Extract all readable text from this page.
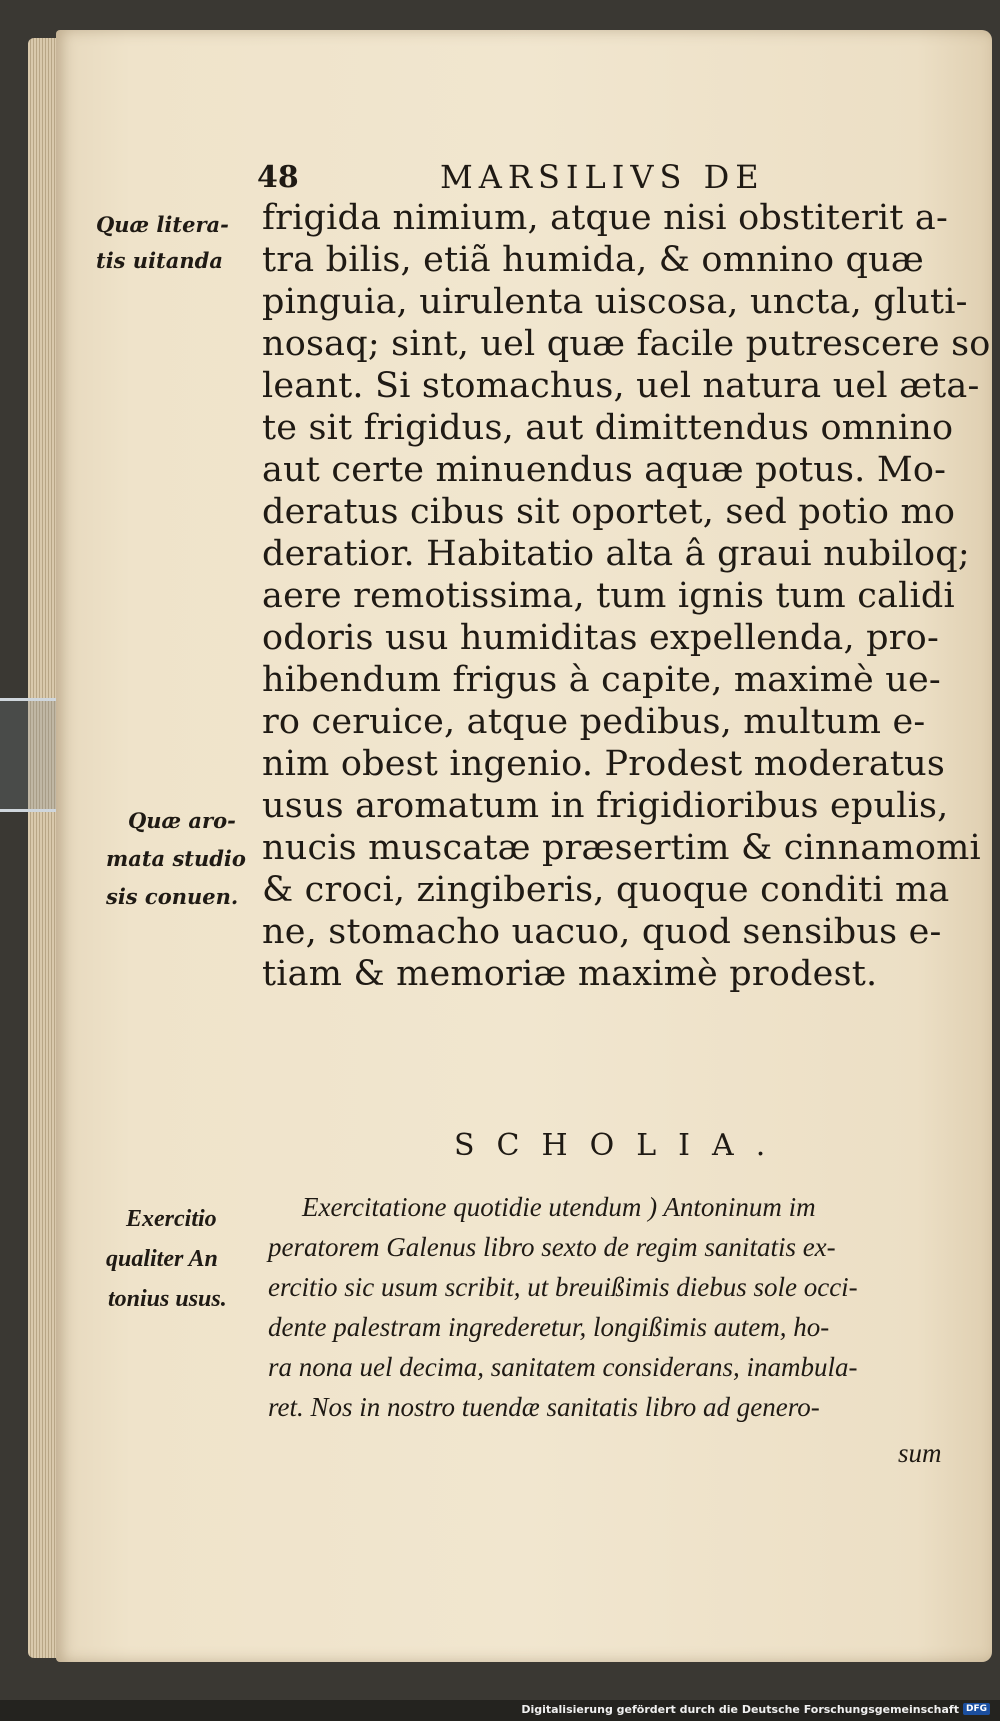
48	MARSILIVS DE

frigida nimium, atque nisi obstiterit a-

tra bilis, etiã humida, & omnino quæ

pinguia, uirulenta uiscosa, uncta, gluti-

nosaq; sint, uel quæ facile putrescere so

leant. Si stomachus, uel natura uel æta-

te sit frigidus, aut dimittendus omnino

aut certe minuendus aquæ potus. Mo-

deratus cibus sit oportet, sed potio mo

deratior. Habitatio alta â graui nubiloq;

aere remotissima, tum ignis tum calidi

odoris usu humiditas expellenda, pro-

hibendum frigus à capite, maximè ue-

ro ceruice, atque pedibus, multum e-

nim obest ingenio. Prodest moderatus

usus aromatum in frigidioribus epulis,

nucis muscatæ præsertim & cinnamomi

& croci, zingiberis, quoque conditi ma

ne, stomacho uacuo, quod sensibus e-

tiam & memoriæ maximè prodest.

Quæ litera-

tis uitanda

Quæ aro-

mata studio

sis conuen.

SCHOLIA.

Exercitatione quotidie utendum ) Antoninum im

peratorem Galenus libro sexto de regim sanitatis ex-

ercitio sic usum scribit, ut breuißimis diebus sole occi-

dente palestram ingrederetur, longißimis autem, ho-

ra nona uel decima, sanitatem considerans, inambula-

ret. Nos in nostro tuendæ sanitatis libro ad genero-

sum

Exercitio

qualiter An

tonius usus.

Digitalisierung gefördert durch die Deutsche Forschungsgemeinschaft DFG
